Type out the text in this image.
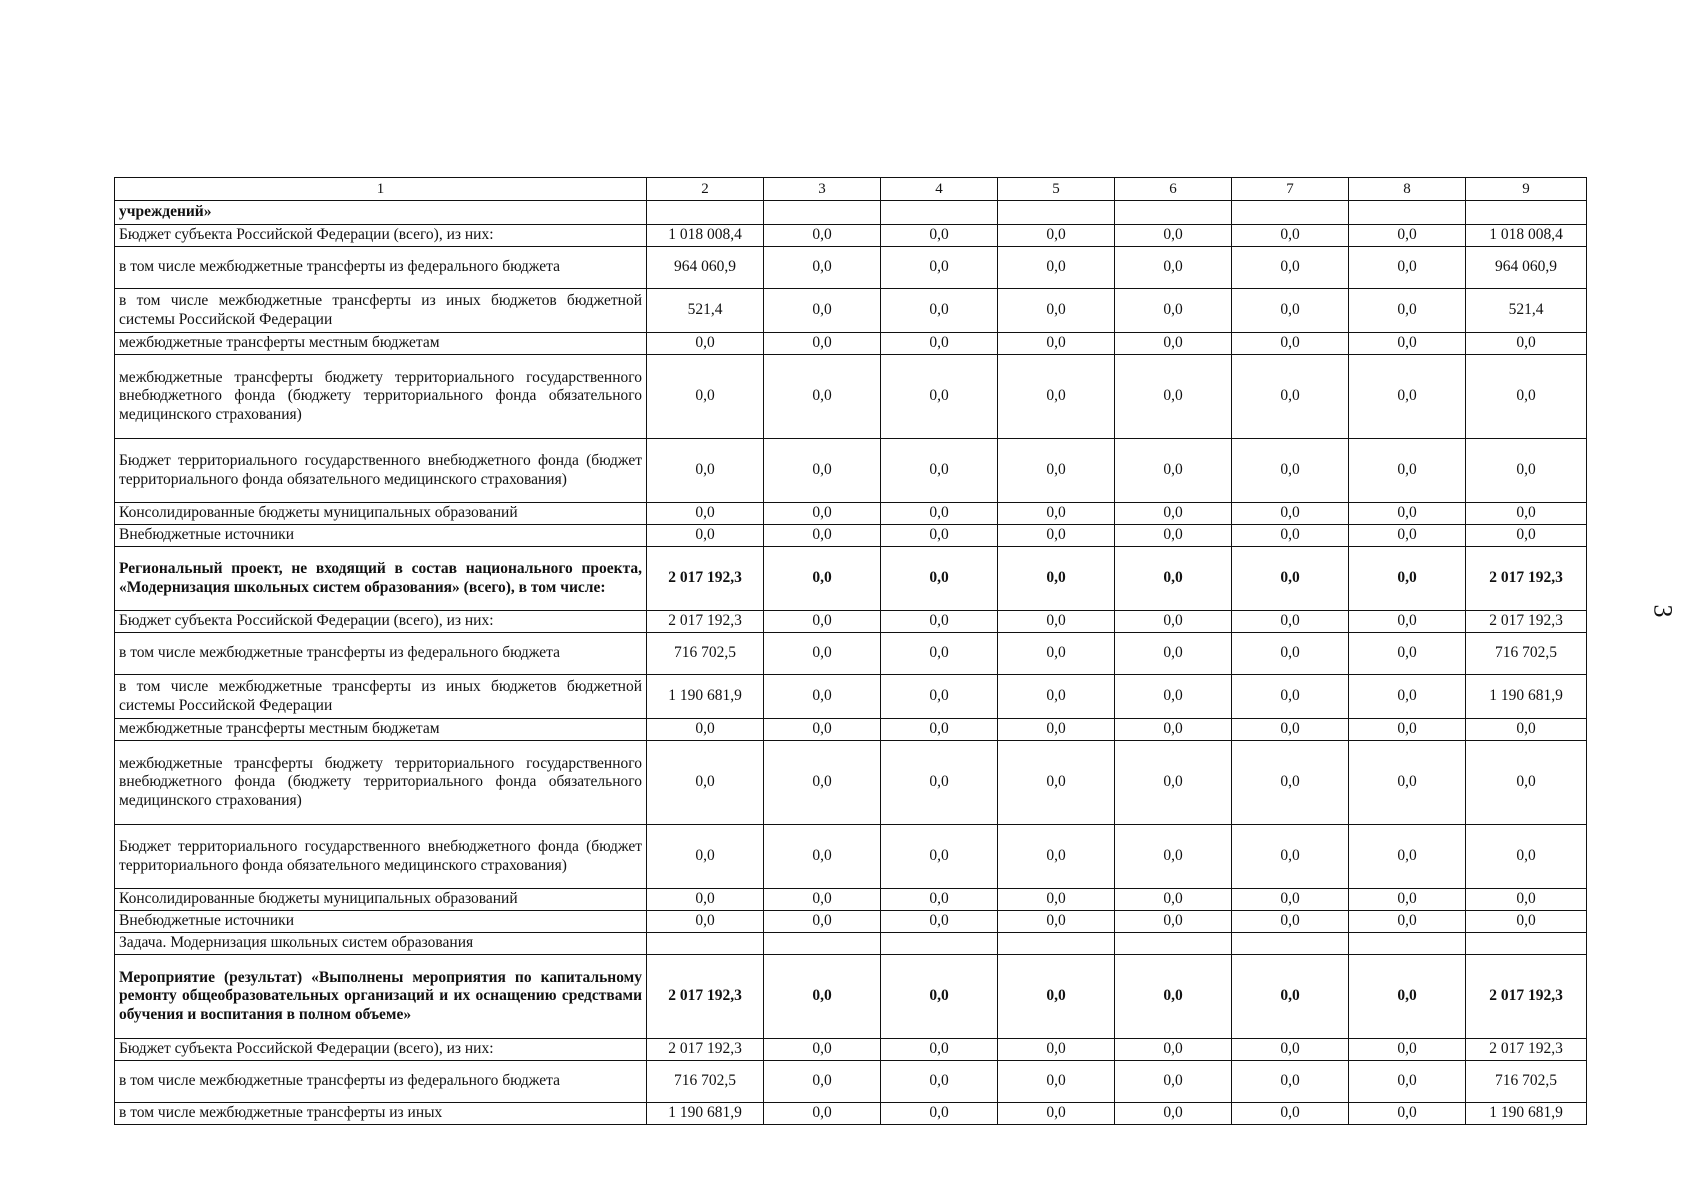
3
1	2	3	4	5	6	7	8	9
учреждений»								
Бюджет субъекта Российской Федерации (всего), из них:	1 018 008,4	0,0	0,0	0,0	0,0	0,0	0,0	1 018 008,4
в том числе межбюджетные трансферты из федерального бюджета	964 060,9	0,0	0,0	0,0	0,0	0,0	0,0	964 060,9
в том числе межбюджетные трансферты из иных бюджетов бюджетной системы Российской Федерации	521,4	0,0	0,0	0,0	0,0	0,0	0,0	521,4
межбюджетные трансферты местным бюджетам	0,0	0,0	0,0	0,0	0,0	0,0	0,0	0,0
межбюджетные трансферты бюджету территориального государственного внебюджетного фонда (бюджету территориального фонда обязательного медицинского страхования)	0,0	0,0	0,0	0,0	0,0	0,0	0,0	0,0
Бюджет территориального государственного внебюджетного фонда (бюджет территориального фонда обязательного медицинского страхования)	0,0	0,0	0,0	0,0	0,0	0,0	0,0	0,0
Консолидированные бюджеты муниципальных образований	0,0	0,0	0,0	0,0	0,0	0,0	0,0	0,0
Внебюджетные источники	0,0	0,0	0,0	0,0	0,0	0,0	0,0	0,0
Региональный проект, не входящий в состав национального проекта, «Модернизация школьных систем образования» (всего), в том числе:	2 017 192,3	0,0	0,0	0,0	0,0	0,0	0,0	2 017 192,3
Бюджет субъекта Российской Федерации (всего), из них:	2 017 192,3	0,0	0,0	0,0	0,0	0,0	0,0	2 017 192,3
в том числе межбюджетные трансферты из федерального бюджета	716 702,5	0,0	0,0	0,0	0,0	0,0	0,0	716 702,5
в том числе межбюджетные трансферты из иных бюджетов бюджетной системы Российской Федерации	1 190 681,9	0,0	0,0	0,0	0,0	0,0	0,0	1 190 681,9
межбюджетные трансферты местным бюджетам	0,0	0,0	0,0	0,0	0,0	0,0	0,0	0,0
межбюджетные трансферты бюджету территориального государственного внебюджетного фонда (бюджету территориального фонда обязательного медицинского страхования)	0,0	0,0	0,0	0,0	0,0	0,0	0,0	0,0
Бюджет территориального государственного внебюджетного фонда (бюджет территориального фонда обязательного медицинского страхования)	0,0	0,0	0,0	0,0	0,0	0,0	0,0	0,0
Консолидированные бюджеты муниципальных образований	0,0	0,0	0,0	0,0	0,0	0,0	0,0	0,0
Внебюджетные источники	0,0	0,0	0,0	0,0	0,0	0,0	0,0	0,0
Задача. Модернизация школьных систем образования								
Мероприятие (результат) «Выполнены мероприятия по капитальному ремонту общеобразовательных организаций и их оснащению средствами обучения и воспитания в полном объеме»	2 017 192,3	0,0	0,0	0,0	0,0	0,0	0,0	2 017 192,3
Бюджет субъекта Российской Федерации (всего), из них:	2 017 192,3	0,0	0,0	0,0	0,0	0,0	0,0	2 017 192,3
в том числе межбюджетные трансферты из федерального бюджета	716 702,5	0,0	0,0	0,0	0,0	0,0	0,0	716 702,5
в том числе межбюджетные трансферты из иных	1 190 681,9	0,0	0,0	0,0	0,0	0,0	0,0	1 190 681,9
